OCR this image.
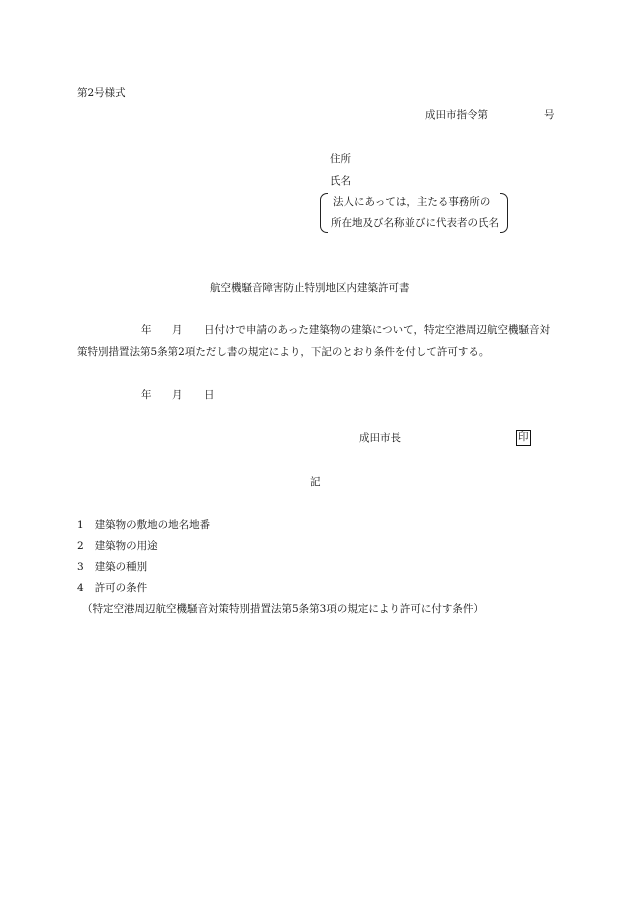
第2号様式
成田市指令第	号
住所
氏名
法人にあっては，主たる事務所の
所在地及び名称並びに代表者の氏名
航空機騒音障害防止特別地区内建築許可書
年 月 日付けで申請のあった建築物の建築について，特定空港周辺航空機騒音対
策特別措置法第5条第2項ただし書の規定により，下記のとおり条件を付して許可する。
年 月 日
成田市長	印
記
1 建築物の敷地の地名地番
2 建築物の用途
3 建築の種別
4 許可の条件
（特定空港周辺航空機騒音対策特別措置法第5条第3項の規定により許可に付す条件）
